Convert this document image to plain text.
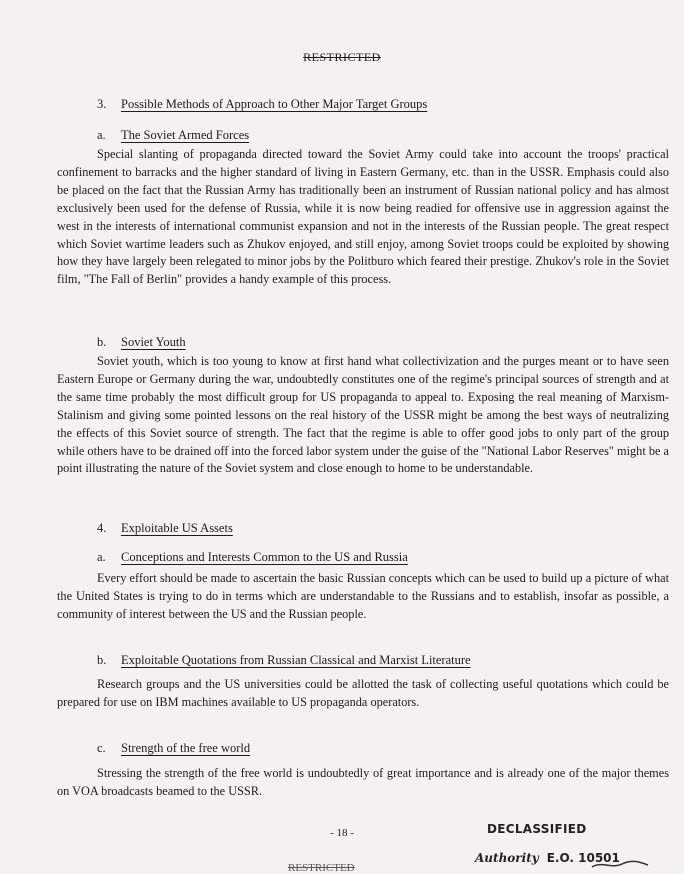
RESTRICTED
3. Possible Methods of Approach to Other Major Target Groups
a. The Soviet Armed Forces

Special slanting of propaganda directed toward the Soviet Army could take into account the troops' practical confinement to barracks and the higher standard of living in Eastern Germany, etc. than in the USSR. Emphasis could also be placed on the fact that the Russian Army has traditionally been an instrument of Russian national policy and has almost exclusively been used for the defense of Russia, while it is now being readied for offensive use in aggression against the west in the interests of international communist expansion and not in the interests of the Russian people. The great respect which Soviet wartime leaders such as Zhukov enjoyed, and still enjoy, among Soviet troops could be exploited by showing how they have largely been relegated to minor jobs by the Politburo which feared their prestige. Zhukov's role in the Soviet film, "The Fall of Berlin" provides a handy example of this process.

b. Soviet Youth

Soviet youth, which is too young to know at first hand what collectivization and the purges meant or to have seen Eastern Europe or Germany during the war, undoubtedly constitutes one of the regime's principal sources of strength and at the same time probably the most difficult group for US propaganda to appeal to. Exposing the real meaning of Marxism-Stalinism and giving some pointed lessons on the real history of the USSR might be among the best ways of neutralizing the effects of this Soviet source of strength. The fact that the regime is able to offer good jobs to only part of the group while others have to be drained off into the forced labor system under the guise of the "National Labor Reserves" might be a point illustrating the nature of the Soviet system and close enough to home to be understandable.

4. Exploitable US Assets
a. Conceptions and Interests Common to the US and Russia

Every effort should be made to ascertain the basic Russian concepts which can be used to build up a picture of what the United States is trying to do in terms which are understandable to the Russians and to establish, insofar as possible, a community of interest between the US and the Russian people.

b. Exploitable Quotations from Russian Classical and Marxist Literature

Research groups and the US universities could be allotted the task of collecting useful quotations which could be prepared for use on IBM machines available to US propaganda operators.

c. Strength of the free world

Stressing the strength of the free world is undoubtedly of great importance and is already one of the major themes on VOA broadcasts beamed to the USSR.

- 18 -	DECLASSIFIED
Authority E.O. 10501
RESTRICTED
